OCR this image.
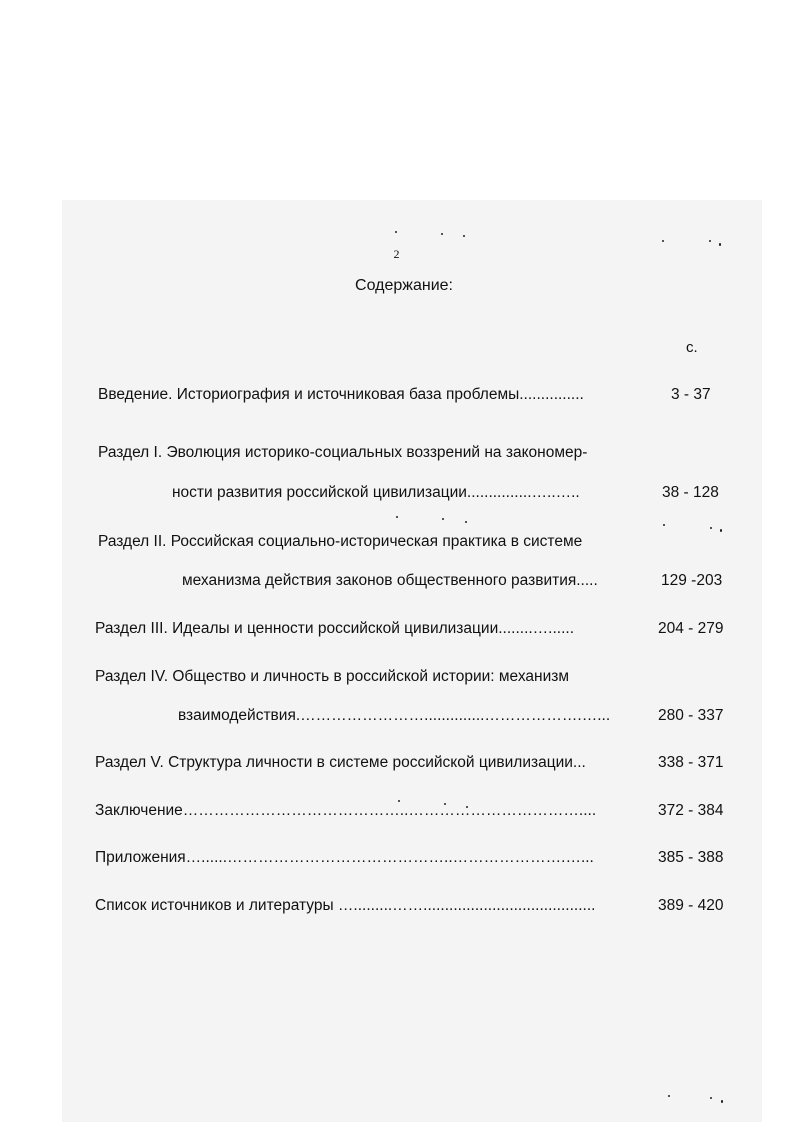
2
Содержание:
с.
Введение. Историография и источниковая база проблемы...............	3 - 37
Раздел I. Эволюция историко-социальных воззрений на закономер-
ности развития российской цивилизации...............…..…..	38 - 128
Раздел II. Российская социально-историческая практика в системе
механизма действия законов общественного развития.....	129 -203
Раздел III. Идеалы и ценности российской цивилизации........…......	204 - 279
Раздел IV. Общество и личность в российской истории: механизм
взаимодействия.……………………..............……………….…...	280 - 337
Раздел V. Структура личности в системе российской цивилизации...	338 - 371
Заключение……………………………………..……………………………....	372 - 384
Приложения…......……………………………………..………………….…...	385 - 388
Список источников и литературы ….........……........................................	389 - 420
